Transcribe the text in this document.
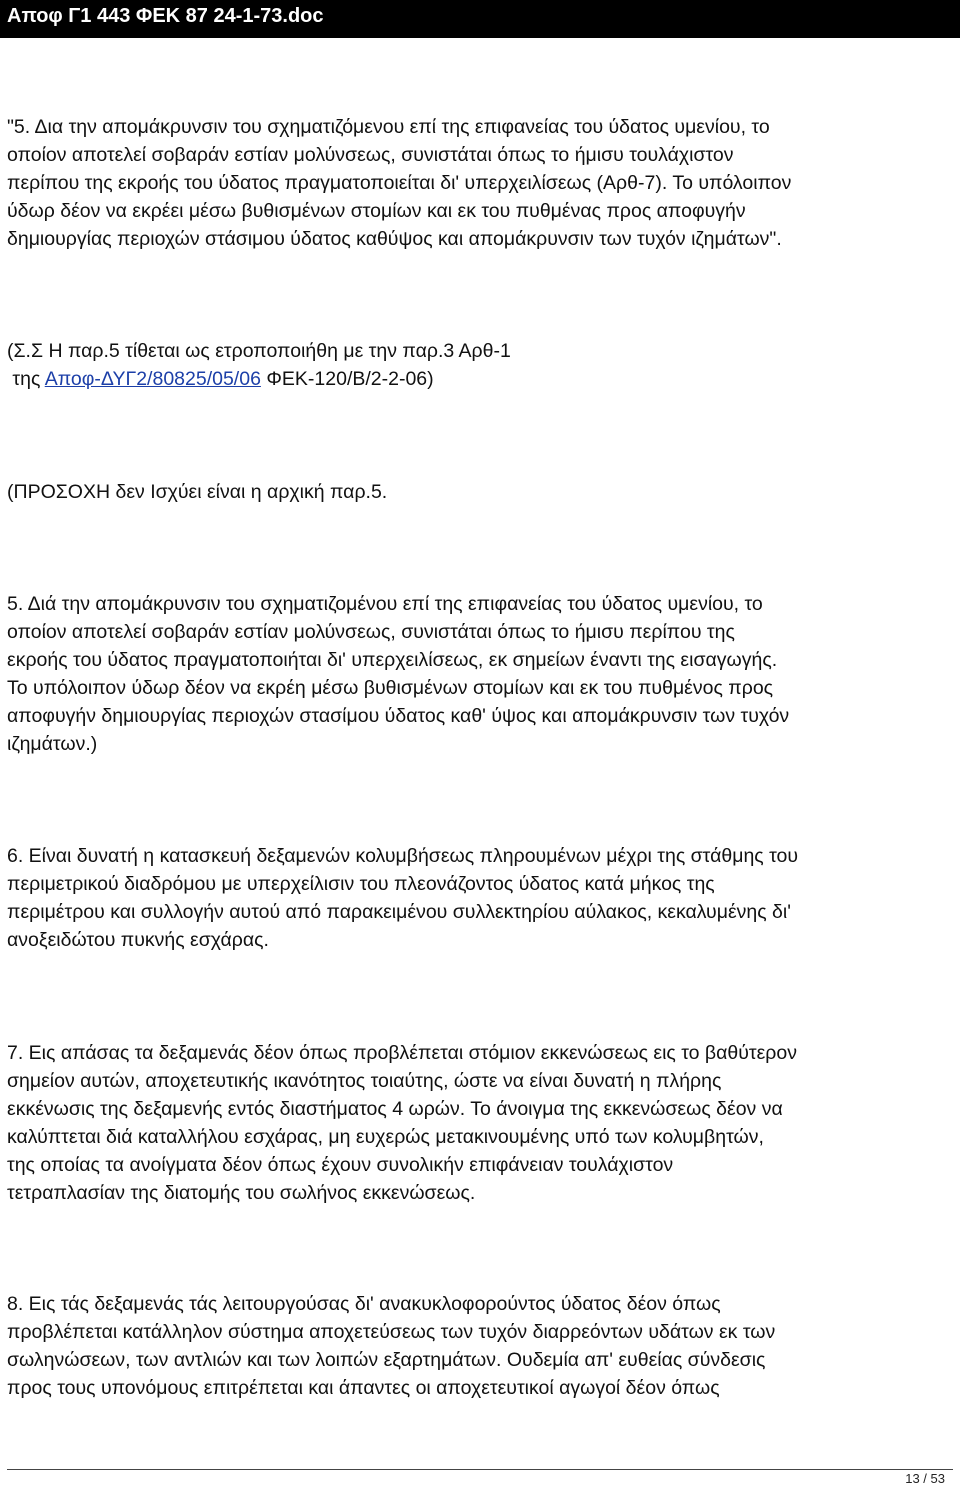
Αποφ Γ1 443 ΦΕΚ 87 24-1-73.doc

"5. Δια την απομάκρυνσιν του σχηματιζόμενου επί της επιφανείας του ύδατος υμενίου, το
οποίον αποτελεί σοβαράν εστίαν μολύνσεως, συνιστάται όπως το ήμισυ τουλάχιστον
περίπου της εκροής του ύδατος πραγματοποιείται δι' υπερχειλίσεως (Αρθ-7). Το υπόλοιπον
ύδωρ δέον να εκρέει μέσω βυθισμένων στομίων και εκ του πυθμένας προς αποφυγήν
δημιουργίας περιοχών στάσιμου ύδατος καθύψος και απομάκρυνσιν των τυχόν ιζημάτων".

(Σ.Σ Η παρ.5 τίθεται ως ετροποποιήθη με την παρ.3 Αρθ-1
της Αποφ-ΔΥΓ2/80825/05/06 ΦΕΚ-120/Β/2-2-06)

(ΠΡΟΣΟΧΗ δεν Ισχύει είναι η αρχική παρ.5.

5. Διά την απομάκρυνσιν του σχηματιζομένου επί της επιφανείας του ύδατος υμενίου, το
οποίον αποτελεί σοβαράν εστίαν μολύνσεως, συνιστάται όπως το ήμισυ περίπου της
εκροής του ύδατος πραγματοποιήται δι' υπερχειλίσεως, εκ σημείων έναντι της εισαγωγής.
Το υπόλοιπον ύδωρ δέον να εκρέη μέσω βυθισμένων στομίων και εκ του πυθμένος προς
αποφυγήν δημιουργίας περιοχών στασίμου ύδατος καθ' ύψος και απομάκρυνσιν των τυχόν
ιζημάτων.)

6. Είναι δυνατή η κατασκευή δεξαμενών κολυμβήσεως πληρουμένων μέχρι της στάθμης του
περιμετρικού διαδρόμου με υπερχείλισιν του πλεονάζοντος ύδατος κατά μήκος της
περιμέτρου και συλλογήν αυτού από παρακειμένου συλλεκτηρίου αύλακος, κεκαλυμένης δι'
ανοξειδώτου πυκνής εσχάρας.

7. Εις απάσας τα δεξαμενάς δέον όπως προβλέπεται στόμιον εκκενώσεως εις το βαθύτερον
σημείον αυτών, αποχετευτικής ικανότητος τοιαύτης, ώστε να είναι δυνατή η πλήρης
εκκένωσις της δεξαμενής εντός διαστήματος 4 ωρών. Το άνοιγμα της εκκενώσεως δέον να
καλύπτεται διά καταλλήλου εσχάρας, μη ευχερώς μετακινουμένης υπό των κολυμβητών,
της οποίας τα ανοίγματα δέον όπως έχουν συνολικήν επιφάνειαν τουλάχιστον
τετραπλασίαν της διατομής του σωλήνος εκκενώσεως.

8. Εις τάς δεξαμενάς τάς λειτουργούσας δι' ανακυκλοφορούντος ύδατος δέον όπως
προβλέπεται κατάλληλον σύστημα αποχετεύσεως των τυχόν διαρρεόντων υδάτων εκ των
σωληνώσεων, των αντλιών και των λοιπών εξαρτημάτων. Ουδεμία απ' ευθείας σύνδεσις
προς τους υπονόμους επιτρέπεται και άπαντες οι αποχετευτικοί αγωγοί δέον όπως

13 / 53
